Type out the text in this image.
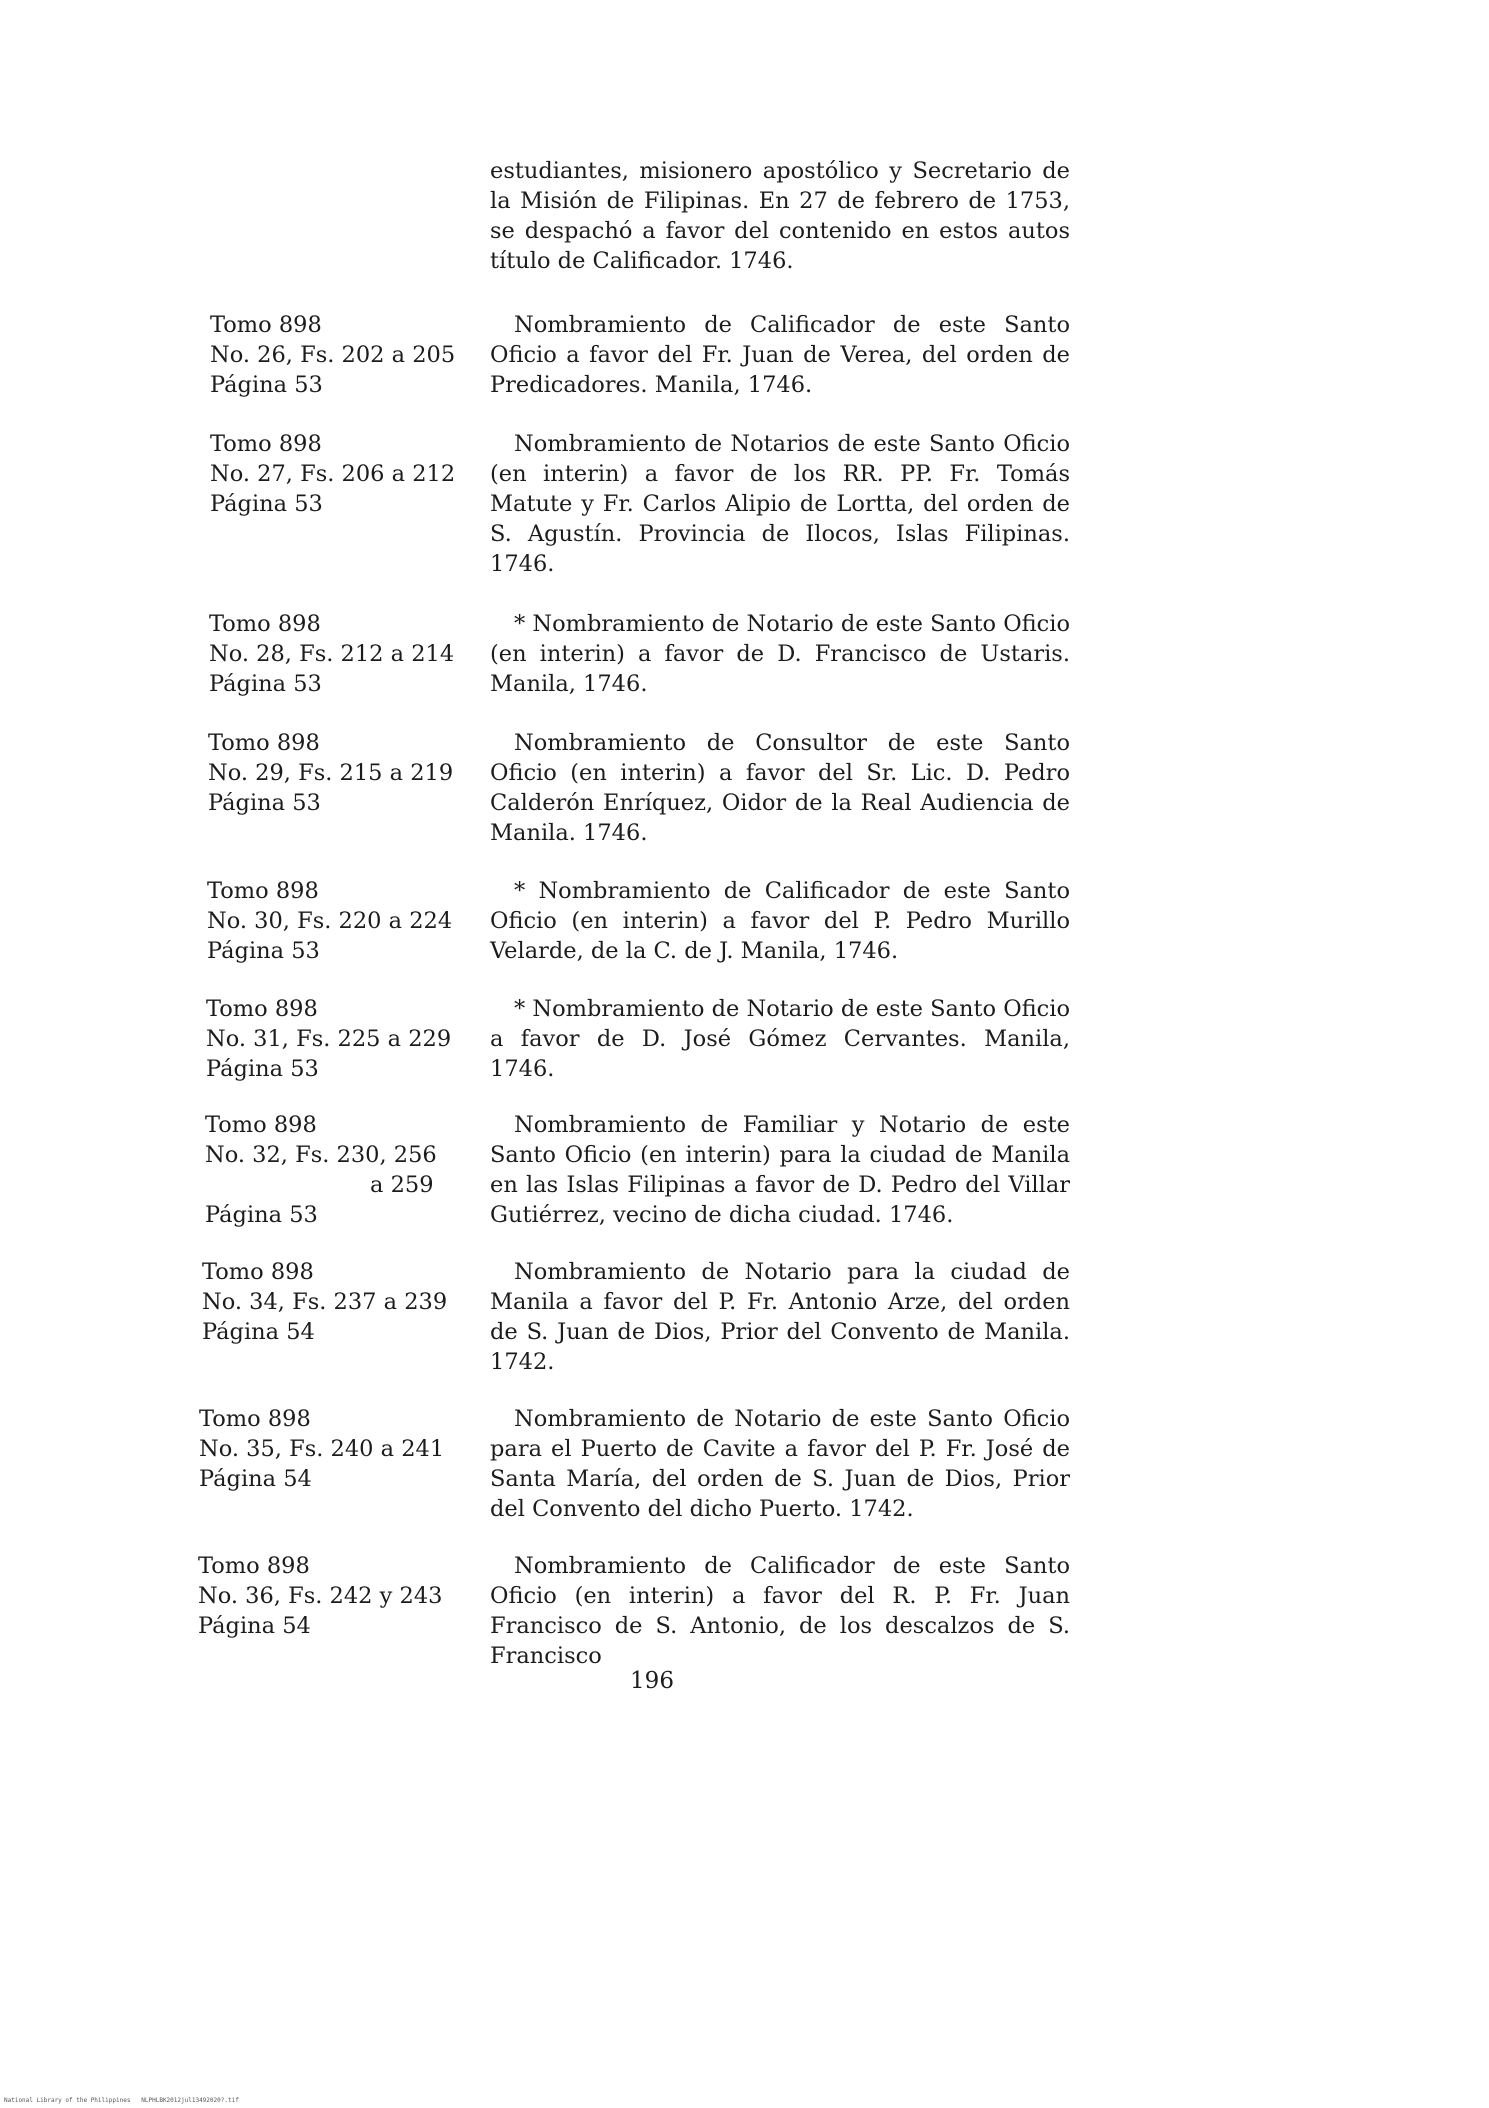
estudiantes, misionero apostólico y Secretario de la Misión de Filipinas. En 27 de febrero de 1753, se despachó a favor del contenido en estos autos título de Calificador. 1746.

Tomo 898
No. 26, Fs. 202 a 205
Página 53

Nombramiento de Calificador de este Santo Oficio a favor del Fr. Juan de Verea, del orden de Predicadores. Manila, 1746.

Tomo 898
No. 27, Fs. 206 a 212
Página 53

Nombramiento de Notarios de este Santo Oficio (en interin) a favor de los RR. PP. Fr. Tomás Matute y Fr. Carlos Alipio de Lortta, del orden de S. Agustín. Provincia de Ilocos, Islas Filipinas. 1746.

Tomo 898
No. 28, Fs. 212 a 214
Página 53

* Nombramiento de Notario de este Santo Oficio (en interin) a favor de D. Francisco de Ustaris. Manila, 1746.

Tomo 898
No. 29, Fs. 215 a 219
Página 53

Nombramiento de Consultor de este Santo Oficio (en interin) a favor del Sr. Lic. D. Pedro Calderón Enríquez, Oidor de la Real Audiencia de Manila. 1746.

Tomo 898
No. 30, Fs. 220 a 224
Página 53

* Nombramiento de Calificador de este Santo Oficio (en interin) a favor del P. Pedro Murillo Velarde, de la C. de J. Manila, 1746.

Tomo 898
No. 31, Fs. 225 a 229
Página 53

* Nombramiento de Notario de este Santo Oficio a favor de D. José Gómez Cervantes. Manila, 1746.

Tomo 898
No. 32, Fs. 230, 256
a 259
Página 53

Nombramiento de Familiar y Notario de este Santo Oficio (en interin) para la ciudad de Manila en las Islas Filipinas a favor de D. Pedro del Villar Gutiérrez, vecino de dicha ciudad. 1746.

Tomo 898
No. 34, Fs. 237 a 239
Página 54

Nombramiento de Notario para la ciudad de Manila a favor del P. Fr. Antonio Arze, del orden de S. Juan de Dios, Prior del Convento de Manila. 1742.

Tomo 898
No. 35, Fs. 240 a 241
Página 54

Nombramiento de Notario de este Santo Oficio para el Puerto de Cavite a favor del P. Fr. José de Santa María, del orden de S. Juan de Dios, Prior del Convento del dicho Puerto. 1742.

Tomo 898
No. 36, Fs. 242 y 243
Página 54

Nombramiento de Calificador de este Santo Oficio (en interin) a favor del R. P. Fr. Juan Francisco de S. Antonio, de los descalzos de S. Francisco

196
National Library of the Philippines   NLPHLBK2012jul13492020?.tif
